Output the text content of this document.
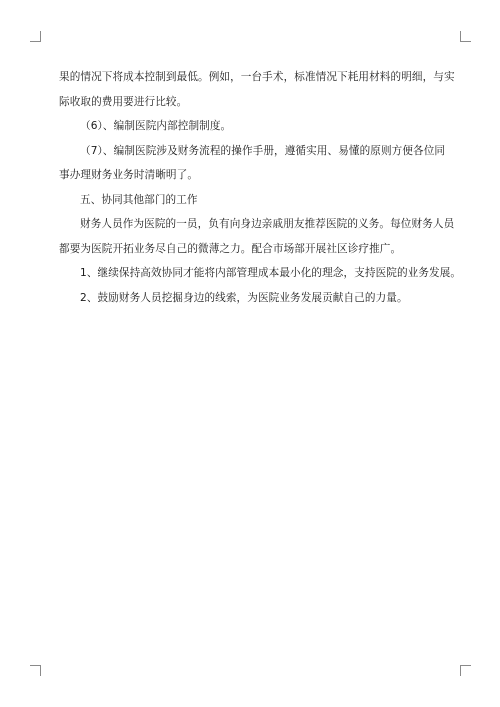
果的情况下将成本控制到最低。例如，一台手术，标准情况下耗用材料的明细，与实

际收取的费用要进行比较。

（6）、编制医院内部控制制度。

（7）、编制医院涉及财务流程的操作手册，遵循实用、易懂的原则方便各位同

事办理财务业务时清晰明了。

五、协同其他部门的工作

财务人员作为医院的一员，负有向身边亲戚朋友推荐医院的义务。每位财务人员

都要为医院开拓业务尽自己的微薄之力。配合市场部开展社区诊疗推广。

1、继续保持高效协同才能将内部管理成本最小化的理念，支持医院的业务发展。

2、鼓励财务人员挖掘身边的线索，为医院业务发展贡献自己的力量。
